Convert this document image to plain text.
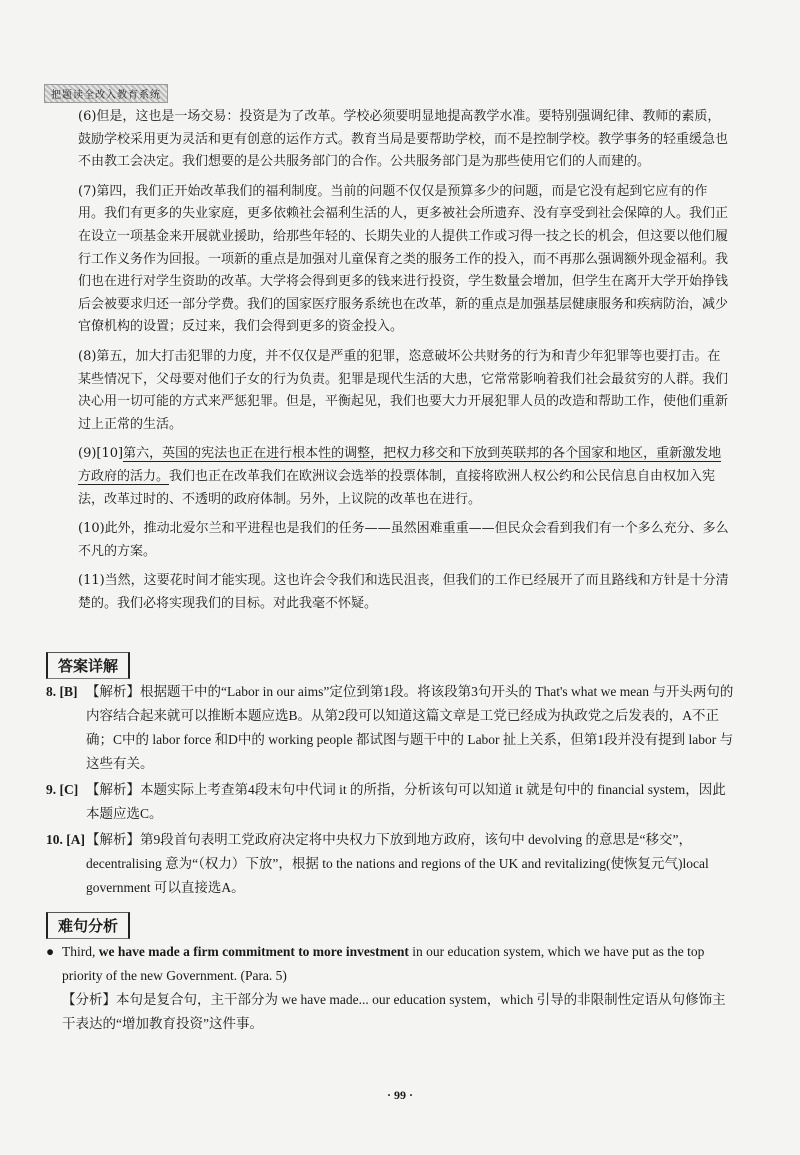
把题读全改入教育系统

(6)但是，这也是一场交易：投资是为了改革。学校必须要明显地提高教学水准。要特别强调纪律、教师的素质，鼓励学校采用更为灵活和更有创意的运作方式。教育当局是要帮助学校，而不是控制学校。教学事务的轻重缓急也不由教工会决定。我们想要的是公共服务部门的合作。公共服务部门是为那些使用它们的人而建的。

(7)第四，我们正开始改革我们的福利制度。当前的问题不仅仅是预算多少的问题，而是它没有起到它应有的作用。我们有更多的失业家庭，更多依赖社会福利生活的人，更多被社会所遗弃、没有享受到社会保障的人。我们正在设立一项基金来开展就业援助，给那些年轻的、长期失业的人提供工作或习得一技之长的机会，但这要以他们履行工作义务作为回报。一项新的重点是加强对儿童保育之类的服务工作的投入，而不再那么强调额外现金福利。我们也在进行对学生资助的改革。大学将会得到更多的钱来进行投资，学生数量会增加，但学生在离开大学开始挣钱后会被要求归还一部分学费。我们的国家医疗服务系统也在改革，新的重点是加强基层健康服务和疾病防治，减少官僚机构的设置；反过来，我们会得到更多的资金投入。

(8)第五，加大打击犯罪的力度，并不仅仅是严重的犯罪，恣意破坏公共财务的行为和青少年犯罪等也要打击。在某些情况下，父母要对他们子女的行为负责。犯罪是现代生活的大患，它常常影响着我们社会最贫穷的人群。我们决心用一切可能的方式来严惩犯罪。但是，平衡起见，我们也要大力开展犯罪人员的改造和帮助工作，使他们重新过上正常的生活。

(9)[10]第六，英国的宪法也正在进行根本性的调整，把权力移交和下放到英联邦的各个国家和地区，重新激发地方政府的活力。我们也正在改革我们在欧洲议会选举的投票体制，直接将欧洲人权公约和公民信息自由权加入宪法，改革过时的、不透明的政府体制。另外，上议院的改革也在进行。

(10)此外，推动北爱尔兰和平进程也是我们的任务——虽然困难重重——但民众会看到我们有一个多么充分、多么不凡的方案。

(11)当然，这要花时间才能实现。这也许会令我们和选民沮丧，但我们的工作已经展开了而且路线和方针是十分清楚的。我们必将实现我们的目标。对此我毫不怀疑。

答案详解
8. [B] 【解析】根据题干中的“Labor in our aims”定位到第1段。将该段第3句开头的 That's what we mean 与开头两句的内容结合起来就可以推断本题应选B。从第2段可以知道这篇文章是工党已经成为执政党之后发表的，A不正确；C中的 labor force 和D中的 working people 都试图与题干中的 Labor 扯上关系，但第1段并没有提到 labor 与这些有关。
9. [C] 【解析】本题实际上考查第4段末句中代词 it 的所指，分析该句可以知道 it 就是句中的 financial system，因此本题应选C。
10. [A] 【解析】第9段首句表明工党政府决定将中央权力下放到地方政府，该句中 devolving 的意思是“移交”，decentralising 意为“（权力）下放”，根据 to the nations and regions of the UK and revitalizing(使恢复元气)local government 可以直接选A。
难句分析
● Third, we have made a firm commitment to more investment in our education system, which we have put as the top priority of the new Government. (Para. 5)
【分析】本句是复合句，主干部分为 we have made... our education system，which 引导的非限制性定语从句修饰主干表达的“增加教育投资”这件事。
· 99 ·
